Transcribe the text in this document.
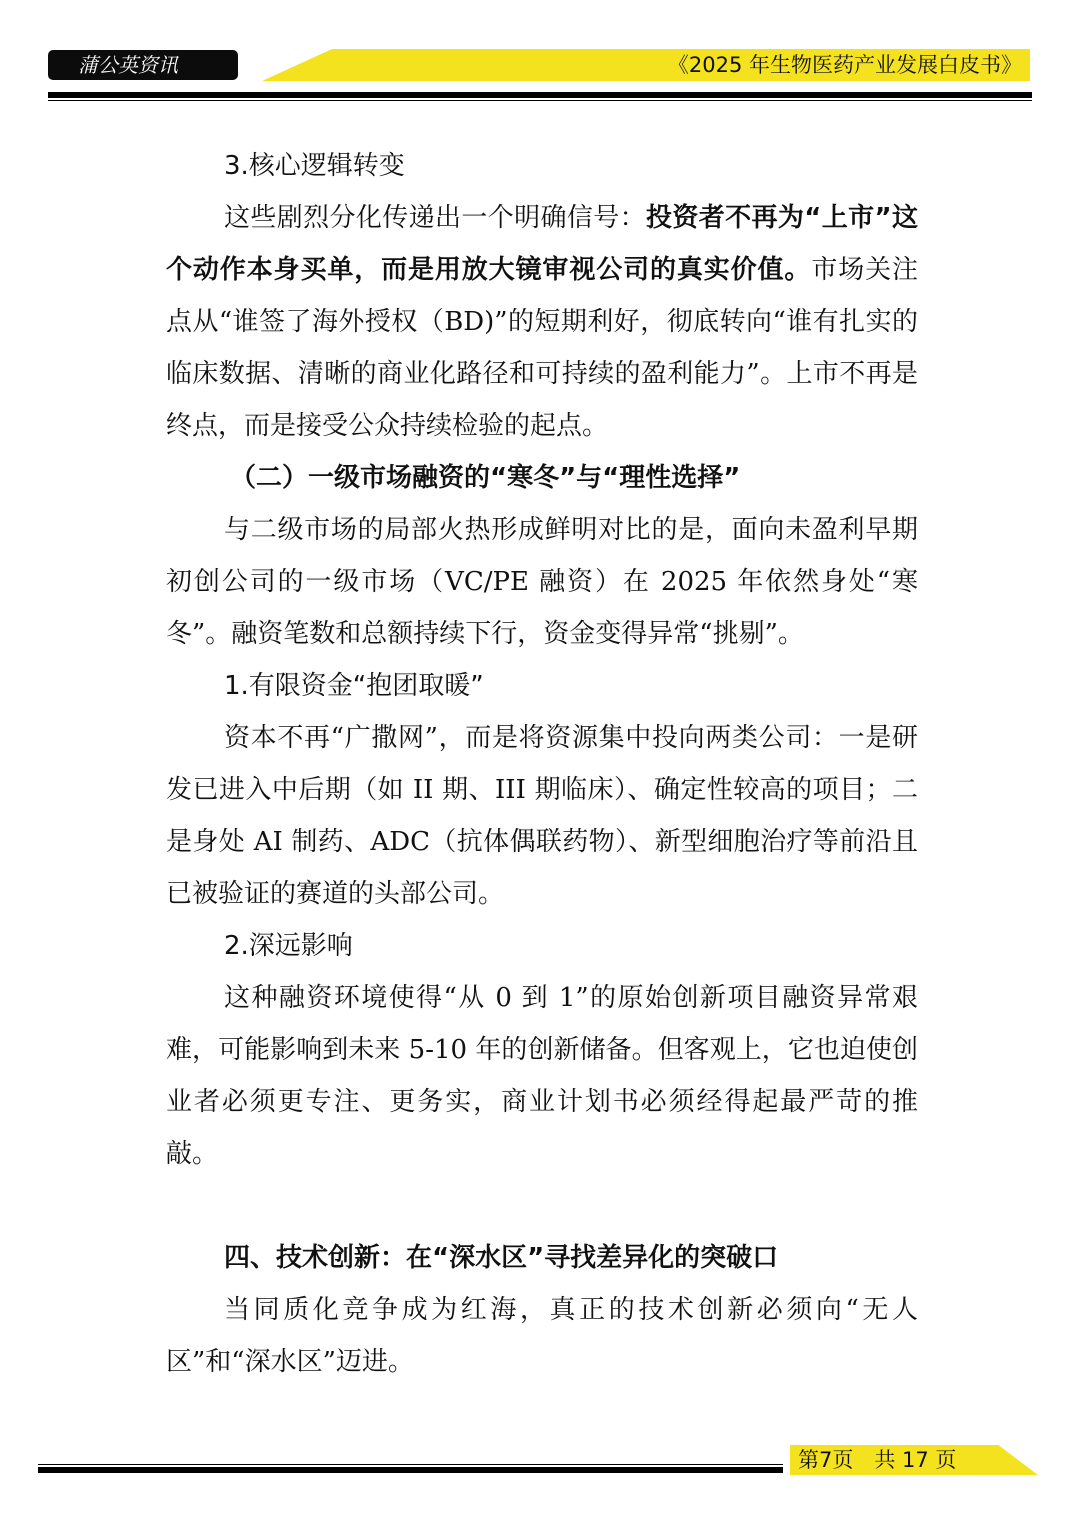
蒲公英资讯	《2025 年生物医药产业发展白皮书》

3.核心逻辑转变

这些剧烈分化传递出一个明确信号：投资者不再为“上市”这个动作本身买单，而是用放大镜审视公司的真实价值。市场关注点从“谁签了海外授权（BD)”的短期利好，彻底转向“谁有扎实的临床数据、清晰的商业化路径和可持续的盈利能力”。上市不再是终点，而是接受公众持续检验的起点。

（二）一级市场融资的“寒冬”与“理性选择”

与二级市场的局部火热形成鲜明对比的是，面向未盈利早期初创公司的一级市场（VC/PE 融资）在 2025 年依然身处“寒冬”。融资笔数和总额持续下行，资金变得异常“挑剔”。

1.有限资金“抱团取暖”

资本不再“广撒网”，而是将资源集中投向两类公司：一是研发已进入中后期（如 II 期、III 期临床）、确定性较高的项目；二是身处 AI 制药、ADC（抗体偶联药物）、新型细胞治疗等前沿且已被验证的赛道的头部公司。

2.深远影响

这种融资环境使得“从 0 到 1”的原始创新项目融资异常艰难，可能影响到未来 5-10 年的创新储备。但客观上，它也迫使创业者必须更专注、更务实，商业计划书必须经得起最严苛的推敲。

四、技术创新：在“深水区”寻找差异化的突破口

当同质化竞争成为红海，真正的技术创新必须向“无人区”和“深水区”迈进。

第7页　共 17 页
